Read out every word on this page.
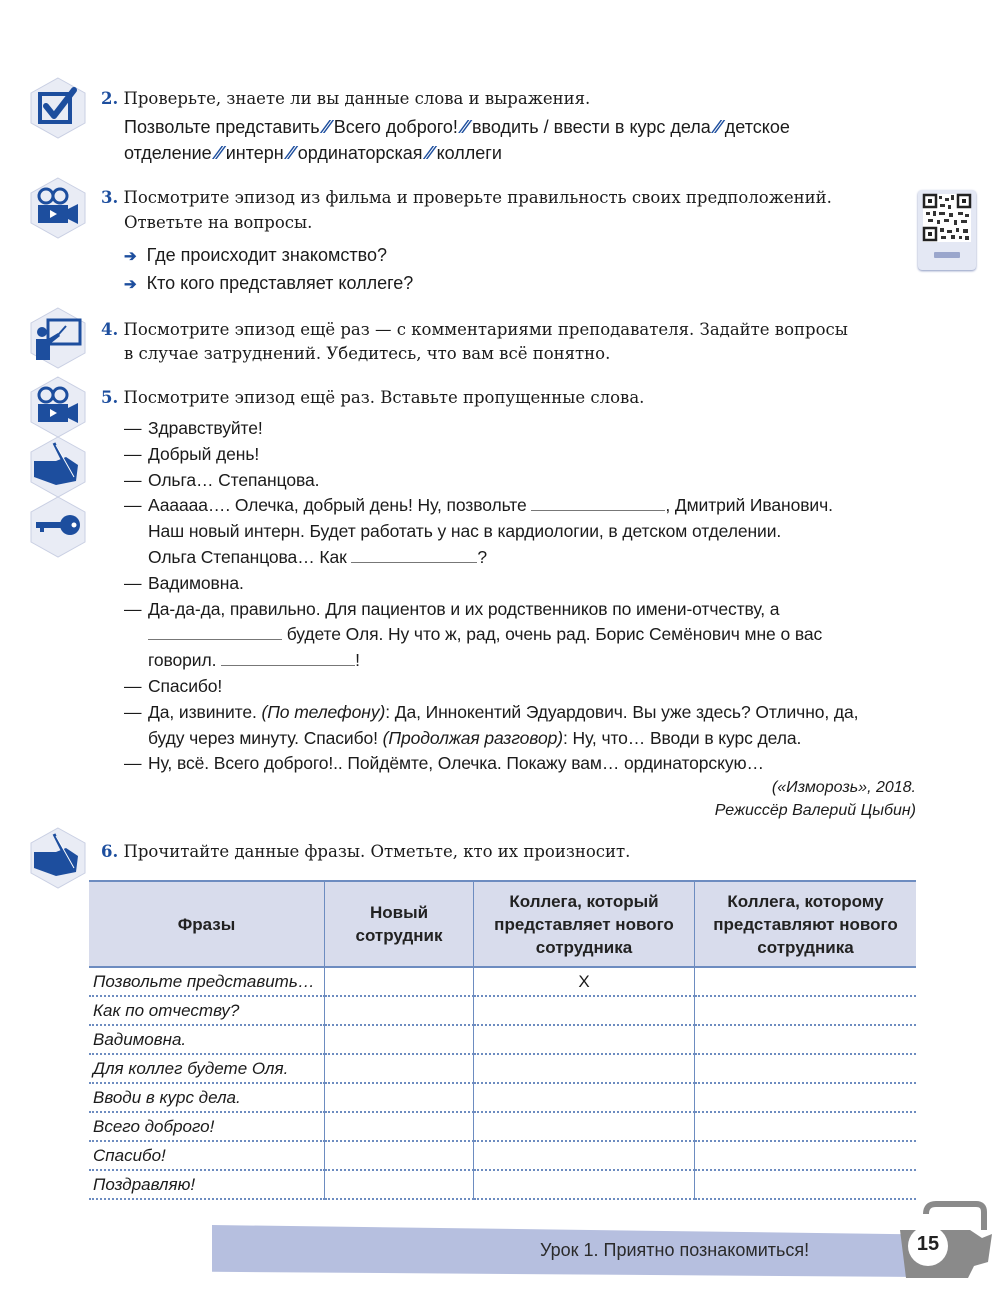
2. Проверьте, знаете ли вы данные слова и выражения.
Позвольте представить ⁄⁄ Всего доброго! ⁄⁄ вводить / ввести в курс дела ⁄⁄ детское отделение ⁄⁄ интерн ⁄⁄ ординаторская ⁄⁄ коллеги
3. Посмотрите эпизод из фильма и проверьте правильность своих предположений.
Ответьте на вопросы.
➔ Где происходит знакомство?
➔ Кто кого представляет коллеге?
4. Посмотрите эпизод ещё раз — с комментариями преподавателя. Задайте вопросы
в случае затруднений. Убедитесь, что вам всё понятно.
5. Посмотрите эпизод ещё раз. Вставьте пропущенные слова.
— Здравствуйте!
— Добрый день!
— Ольга… Степанцова.
— Аааааа…. Олечка, добрый день! Ну, позвольте	, Дмитрий Иванович.
Наш новый интерн. Будет работать у нас в кардиологии, в детском отделении.
Ольга Степанцова… Как	?
— Вадимовна.
— Да-да-да, правильно. Для пациентов и их родственников по имени-отчеству, а
будете Оля. Ну что ж, рад, очень рад. Борис Семёнович мне о вас
говорил.	!
— Спасибо!
— Да, извините. (По телефону): Да, Иннокентий Эдуардович. Вы уже здесь? Отлично, да,
буду через минуту. Спасибо! (Продолжая разговор): Ну, что… Вводи в курс дела.
— Ну, всё. Всего доброго!.. Пойдёмте, Олечка. Покажу вам… ординаторскую…
(«Изморозь», 2018.
Режиссёр Валерий Цыбин)
6. Прочитайте данные фразы. Отметьте, кто их произносит.
Фразы	Новый сотрудник	Коллега, который представляет нового сотрудника	Коллега, которому представляют нового сотрудника
Позвольте представить…		X	
Как по отчеству?			
Вадимовна.			
Для коллег будете Оля.			
Вводи в курс дела.			
Всего доброго!			
Спасибо!			
Поздравляю!			
Урок 1. Приятно познакомиться!	15
